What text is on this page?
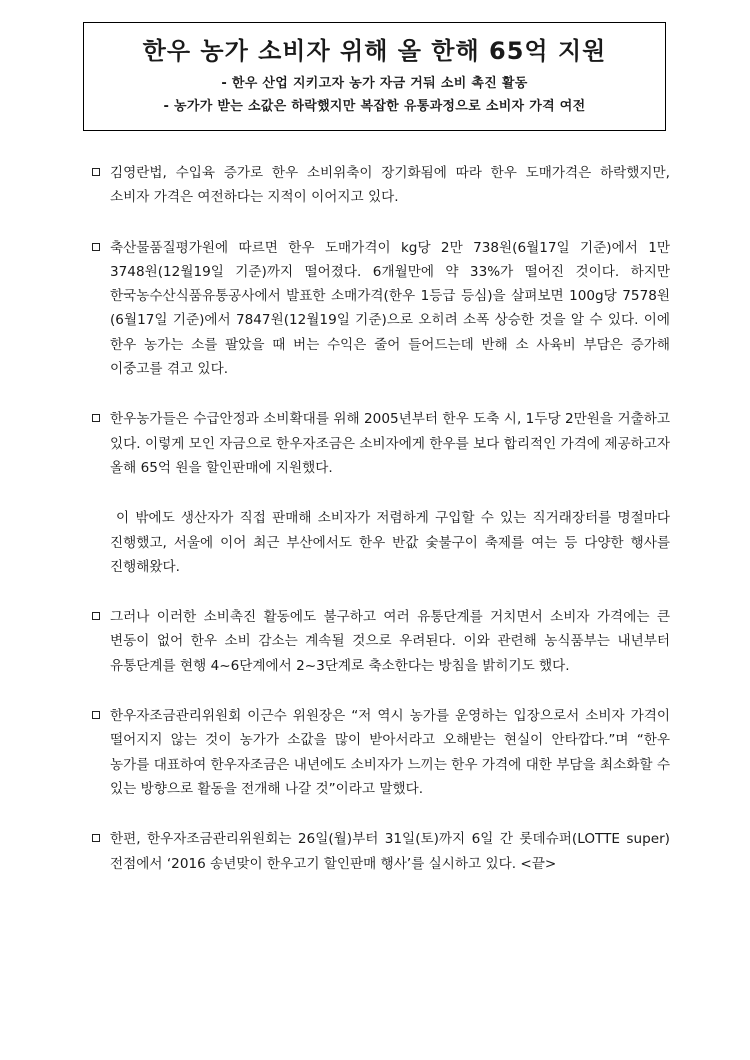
한우 농가 소비자 위해 올 한해 65억 지원
- 한우 산업 지키고자 농가 자금 거둬 소비 촉진 활동
- 농가가 받는 소값은 하락했지만 복잡한 유통과정으로 소비자 가격 여전

김영란법, 수입육 증가로 한우 소비위축이 장기화됨에 따라 한우 도매가격은 하락했지만, 소비자 가격은 여전하다는 지적이 이어지고 있다.

축산물품질평가원에 따르면 한우 도매가격이 kg당 2만 738원(6월17일 기준)에서 1만 3748원(12월19일 기준)까지 떨어졌다. 6개월만에 약 33%가 떨어진 것이다. 하지만 한국농수산식품유통공사에서 발표한 소매가격(한우 1등급 등심)을 살펴보면 100g당 7578원(6월17일 기준)에서 7847원(12월19일 기준)으로 오히려 소폭 상승한 것을 알 수 있다. 이에 한우 농가는 소를 팔았을 때 버는 수익은 줄어 들어드는데 반해 소 사육비 부담은 증가해 이중고를 겪고 있다.

한우농가들은 수급안정과 소비확대를 위해 2005년부터 한우 도축 시, 1두당 2만원을 거출하고 있다. 이렇게 모인 자금으로 한우자조금은 소비자에게 한우를 보다 합리적인 가격에 제공하고자 올해 65억 원을 할인판매에 지원했다.

이 밖에도 생산자가 직접 판매해 소비자가 저렴하게 구입할 수 있는 직거래장터를 명절마다 진행했고, 서울에 이어 최근 부산에서도 한우 반값 숯불구이 축제를 여는 등 다양한 행사를 진행해왔다.

그러나 이러한 소비촉진 활동에도 불구하고 여러 유통단계를 거치면서 소비자 가격에는 큰 변동이 없어 한우 소비 감소는 계속될 것으로 우려된다. 이와 관련해 농식품부는 내년부터 유통단계를 현행 4~6단계에서 2~3단계로 축소한다는 방침을 밝히기도 했다.

한우자조금관리위원회 이근수 위원장은 “저 역시 농가를 운영하는 입장으로서 소비자 가격이 떨어지지 않는 것이 농가가 소값을 많이 받아서라고 오해받는 현실이 안타깝다.”며 “한우 농가를 대표하여 한우자조금은 내년에도 소비자가 느끼는 한우 가격에 대한 부담을 최소화할 수 있는 방향으로 활동을 전개해 나갈 것”이라고 말했다.

한편, 한우자조금관리위원회는 26일(월)부터 31일(토)까지 6일 간 롯데슈퍼(LOTTE super) 전점에서 ‘2016 송년맞이 한우고기 할인판매 행사’를 실시하고 있다. <끝>
